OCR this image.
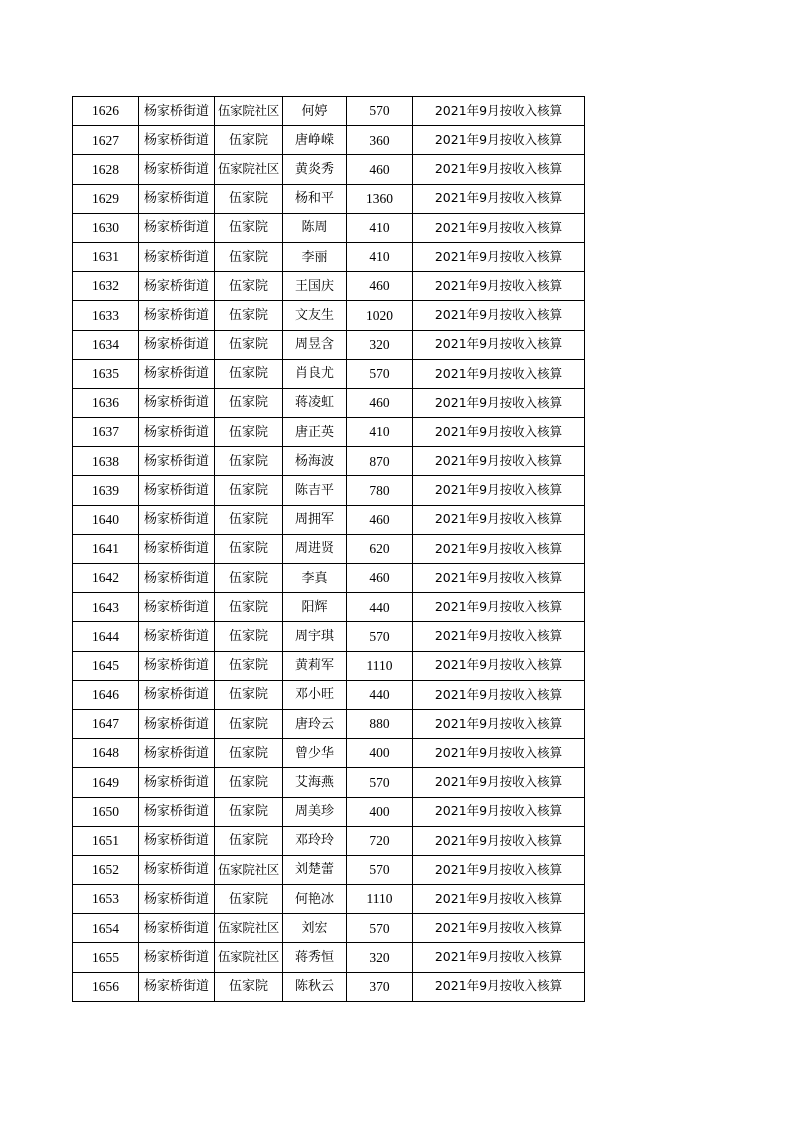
1626	杨家桥街道	伍家院社区	何婷	570	2021年9月按收入核算
1627	杨家桥街道	伍家院	唐峥嵘	360	2021年9月按收入核算
1628	杨家桥街道	伍家院社区	黄炎秀	460	2021年9月按收入核算
1629	杨家桥街道	伍家院	杨和平	1360	2021年9月按收入核算
1630	杨家桥街道	伍家院	陈周	410	2021年9月按收入核算
1631	杨家桥街道	伍家院	李丽	410	2021年9月按收入核算
1632	杨家桥街道	伍家院	王国庆	460	2021年9月按收入核算
1633	杨家桥街道	伍家院	文友生	1020	2021年9月按收入核算
1634	杨家桥街道	伍家院	周昱含	320	2021年9月按收入核算
1635	杨家桥街道	伍家院	肖良尤	570	2021年9月按收入核算
1636	杨家桥街道	伍家院	蒋凌虹	460	2021年9月按收入核算
1637	杨家桥街道	伍家院	唐正英	410	2021年9月按收入核算
1638	杨家桥街道	伍家院	杨海波	870	2021年9月按收入核算
1639	杨家桥街道	伍家院	陈吉平	780	2021年9月按收入核算
1640	杨家桥街道	伍家院	周拥军	460	2021年9月按收入核算
1641	杨家桥街道	伍家院	周进贤	620	2021年9月按收入核算
1642	杨家桥街道	伍家院	李真	460	2021年9月按收入核算
1643	杨家桥街道	伍家院	阳辉	440	2021年9月按收入核算
1644	杨家桥街道	伍家院	周宇琪	570	2021年9月按收入核算
1645	杨家桥街道	伍家院	黄莉军	1110	2021年9月按收入核算
1646	杨家桥街道	伍家院	邓小旺	440	2021年9月按收入核算
1647	杨家桥街道	伍家院	唐玲云	880	2021年9月按收入核算
1648	杨家桥街道	伍家院	曾少华	400	2021年9月按收入核算
1649	杨家桥街道	伍家院	艾海燕	570	2021年9月按收入核算
1650	杨家桥街道	伍家院	周美珍	400	2021年9月按收入核算
1651	杨家桥街道	伍家院	邓玲玲	720	2021年9月按收入核算
1652	杨家桥街道	伍家院社区	刘楚蕾	570	2021年9月按收入核算
1653	杨家桥街道	伍家院	何艳冰	1110	2021年9月按收入核算
1654	杨家桥街道	伍家院社区	刘宏	570	2021年9月按收入核算
1655	杨家桥街道	伍家院社区	蒋秀恒	320	2021年9月按收入核算
1656	杨家桥街道	伍家院	陈秋云	370	2021年9月按收入核算
